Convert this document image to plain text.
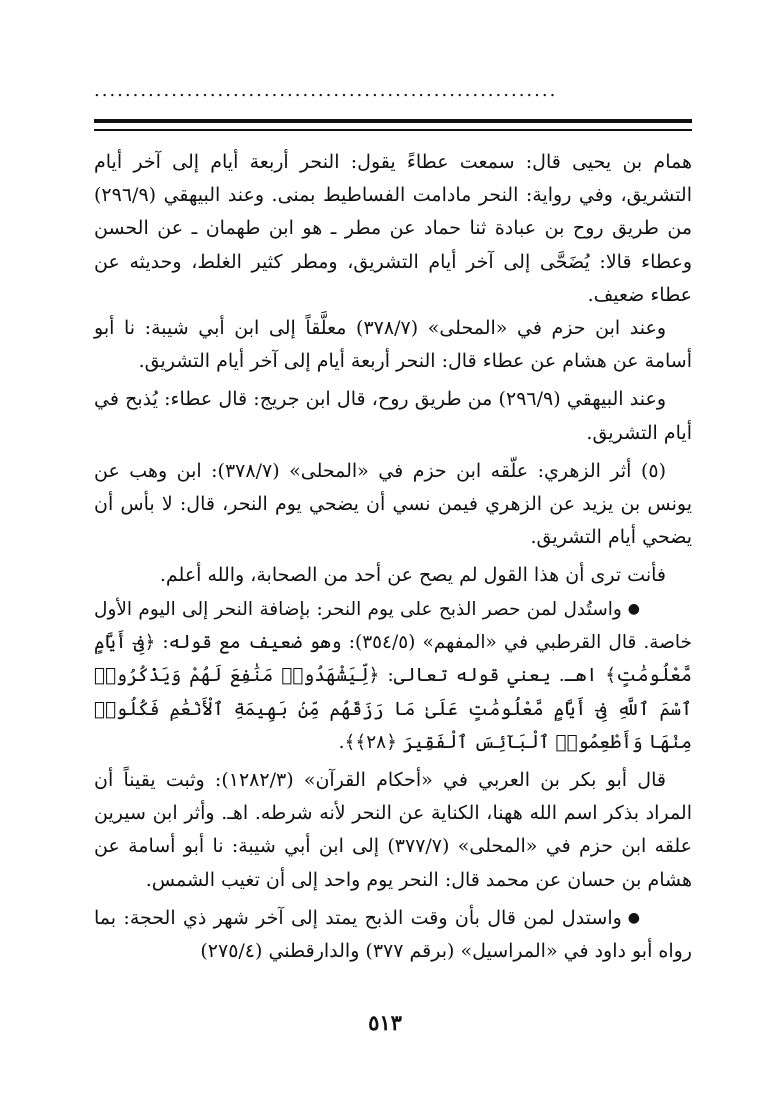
............................................................

همام بن يحيى قال: سمعت عطاءً يقول: النحر أربعة أيام إلى آخر أيام التشريق، وفي رواية: النحر مادامت الفساطيط بمنى. وعند البيهقي (٢٩٦/٩) من طريق روح بن عبادة ثنا حماد عن مطر ـ هو ابن طهمان ـ عن الحسن وعطاء قالا: يُضَحَّى إلى آخر أيام التشريق، ومطر كثير الغلط، وحديثه عن عطاء ضعيف.

وعند ابن حزم في «المحلى» (٣٧٨/٧) معلَّقاً إلى ابن أبي شيبة: نا أبو أسامة عن هشام عن عطاء قال: النحر أربعة أيام إلى آخر أيام التشريق.

وعند البيهقي (٢٩٦/٩) من طريق روح، قال ابن جريج: قال عطاء: يُذبح في أيام التشريق.

(٥) أثر الزهري: علّقه ابن حزم في «المحلى» (٣٧٨/٧): ابن وهب عن يونس بن يزيد عن الزهري فيمن نسي أن يضحي يوم النحر، قال: لا بأس أن يضحي أيام التشريق.

فأنت ترى أن هذا القول لم يصح عن أحد من الصحابة، والله أعلم.

●واستُدل لمن حصر الذبح على يوم النحر: بإضافة النحر إلى اليوم الأول خاصة. قال القرطبي في «المفهم» (٣٥٤/٥): وهو ضعيف مع قوله: ﴿فِىٓ أَيَّامٍ مَّعْلُومَٰتٍ﴾ اهـ. يعني قوله تعالى: ﴿لِّيَشْهَدُوا۟ مَنَٰفِعَ لَهُمْ وَيَذْكُرُوا۟ ٱسْمَ ٱللَّهِ فِىٓ أَيَّامٍ مَّعْلُومَٰتٍ عَلَىٰ مَا رَزَقَهُم مِّنۢ بَهِيمَةِ ٱلْأَنْعَٰمِ فَكُلُوا۟ مِنْهَا وَأَطْعِمُوا۟ ٱلْبَآئِسَ ٱلْفَقِيرَ ﴿٢٨﴾﴾.

قال أبو بكر بن العربي في «أحكام القرآن» (١٢٨٢/٣): وثبت يقيناً أن المراد بذكر اسم الله ههنا، الكناية عن النحر لأنه شرطه. اهـ. وأثر ابن سيرين علقه ابن حزم في «المحلى» (٣٧٧/٧) إلى ابن أبي شيبة: نا أبو أسامة عن هشام بن حسان عن محمد قال: النحر يوم واحد إلى أن تغيب الشمس.

●واستدل لمن قال بأن وقت الذبح يمتد إلى آخر شهر ذي الحجة: بما رواه أبو داود في «المراسيل» (برقم ٣٧٧) والدارقطني (٢٧٥/٤)

٥١٣
